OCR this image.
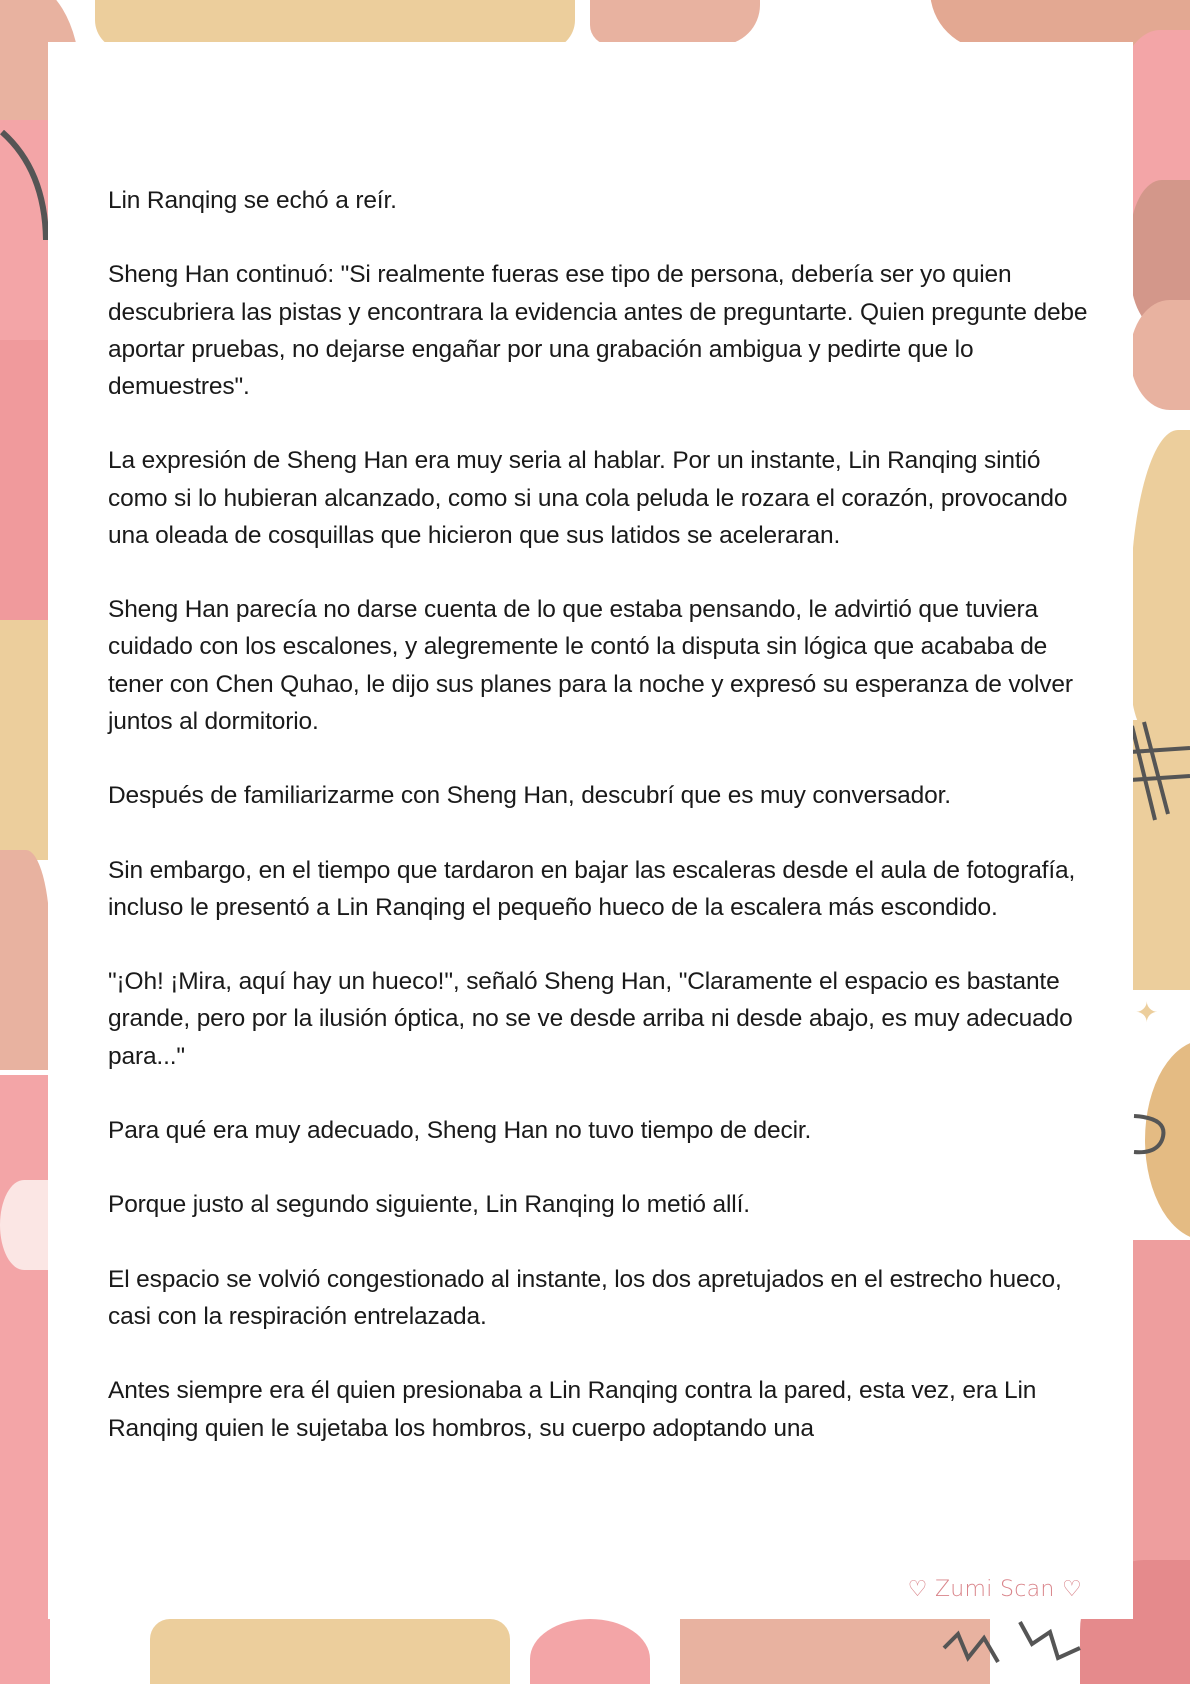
✦

Lin Ranqing se echó a reír.

Sheng Han continuó: "Si realmente fueras ese tipo de persona, debería ser yo quien descubriera las pistas y encontrara la evidencia antes de preguntarte. Quien pregunte debe aportar pruebas, no dejarse engañar por una grabación ambigua y pedirte que lo demuestres".

La expresión de Sheng Han era muy seria al hablar. Por un instante, Lin Ranqing sintió como si lo hubieran alcanzado, como si una cola peluda le rozara el corazón, provocando una oleada de cosquillas que hicieron que sus latidos se aceleraran.

Sheng Han parecía no darse cuenta de lo que estaba pensando, le advirtió que tuviera cuidado con los escalones, y alegremente le contó la disputa sin lógica que acababa de tener con Chen Quhao, le dijo sus planes para la noche y expresó su esperanza de volver juntos al dormitorio.

Después de familiarizarme con Sheng Han, descubrí que es muy conversador.

Sin embargo, en el tiempo que tardaron en bajar las escaleras desde el aula de fotografía, incluso le presentó a Lin Ranqing el pequeño hueco de la escalera más escondido.

"¡Oh! ¡Mira, aquí hay un hueco!", señaló Sheng Han, "Claramente el espacio es bastante grande, pero por la ilusión óptica, no se ve desde arriba ni desde abajo, es muy adecuado para..."

Para qué era muy adecuado, Sheng Han no tuvo tiempo de decir.

Porque justo al segundo siguiente, Lin Ranqing lo metió allí.

El espacio se volvió congestionado al instante, los dos apretujados en el estrecho hueco, casi con la respiración entrelazada.

Antes siempre era él quien presionaba a Lin Ranqing contra la pared, esta vez, era Lin Ranqing quien le sujetaba los hombros, su cuerpo adoptando una

♡ Zumi Scan ♡
